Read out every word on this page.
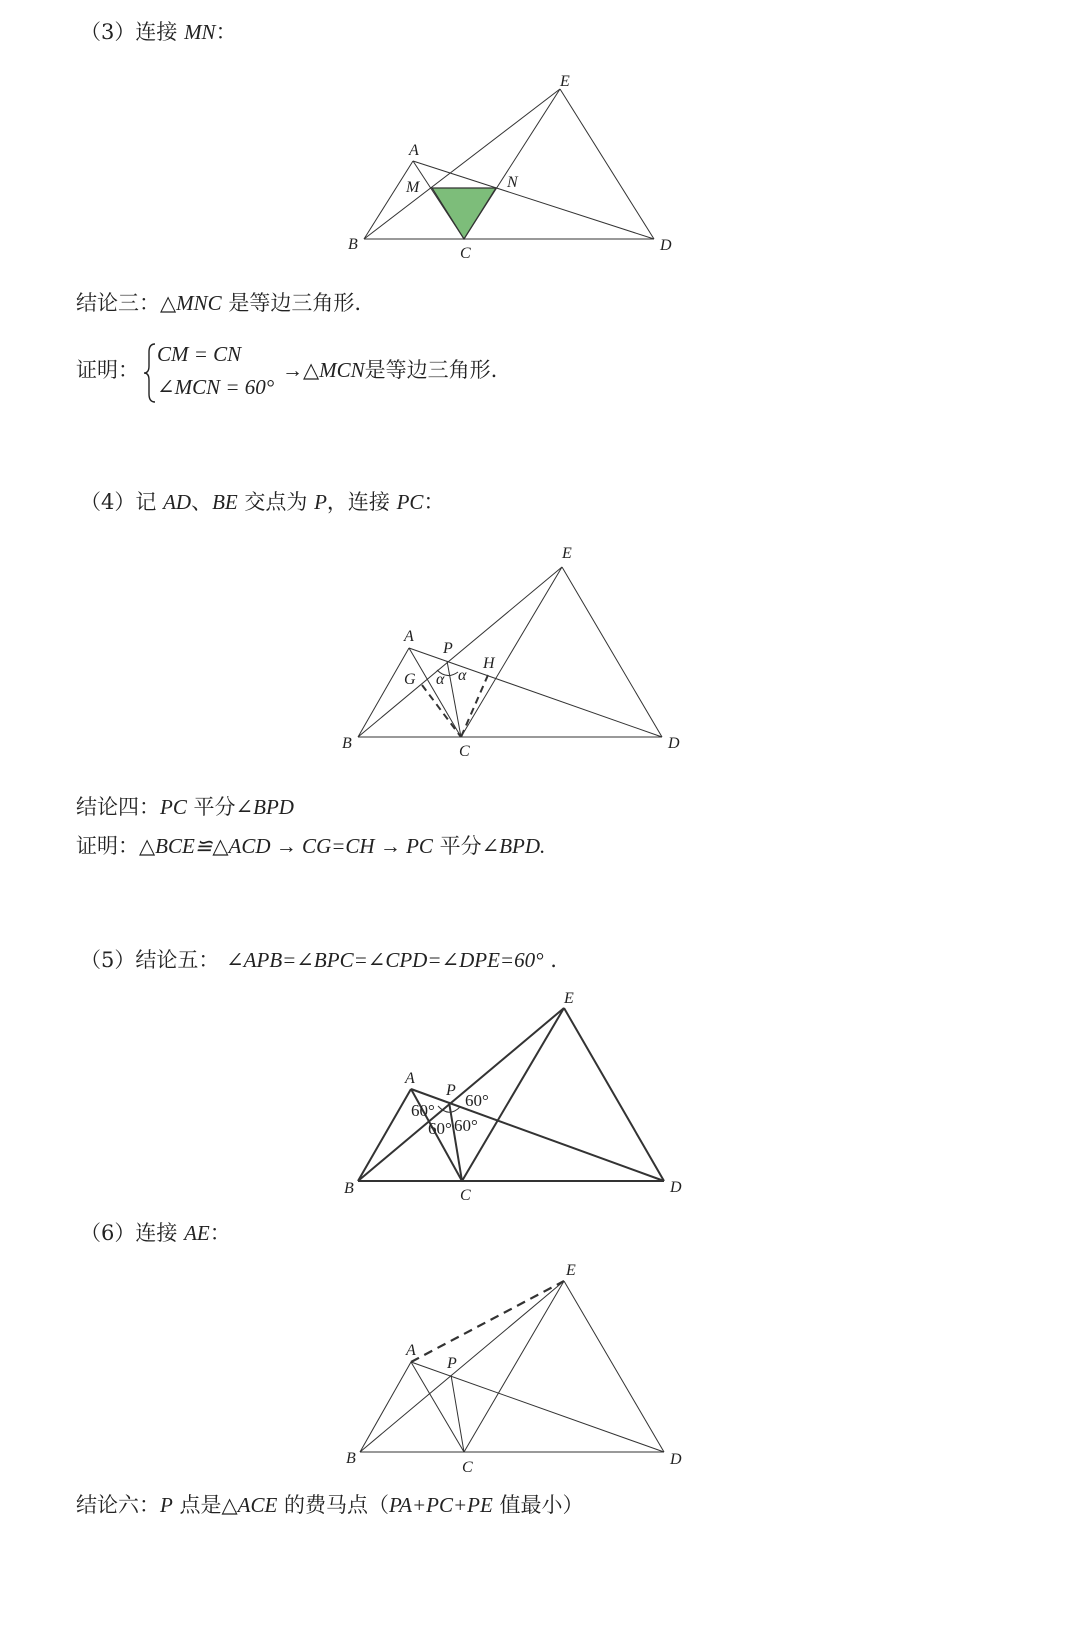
（3）连接 MN：
A
B
C	D
E
M	N
结论三：△MNC 是等边三角形.
证明：
CM = CN
∠MCN = 60°
→△MCN是等边三角形.
（4）记 AD、BE 交点为 P，连接 PC：
A
B	C	D
E
P
G
H
α α
结论四：PC 平分∠BPD
证明：△BCE≌△ACD → CG=CH → PC 平分∠BPD.
（5）结论五： ∠APB=∠BPC=∠CPD=∠DPE=60° .
A
B	C	D
E
P
60°
60°
60° 60°
（6）连接 AE：
A
B
C	D
E
P
结论六：P 点是△ACE 的费马点（PA+PC+PE 值最小）
